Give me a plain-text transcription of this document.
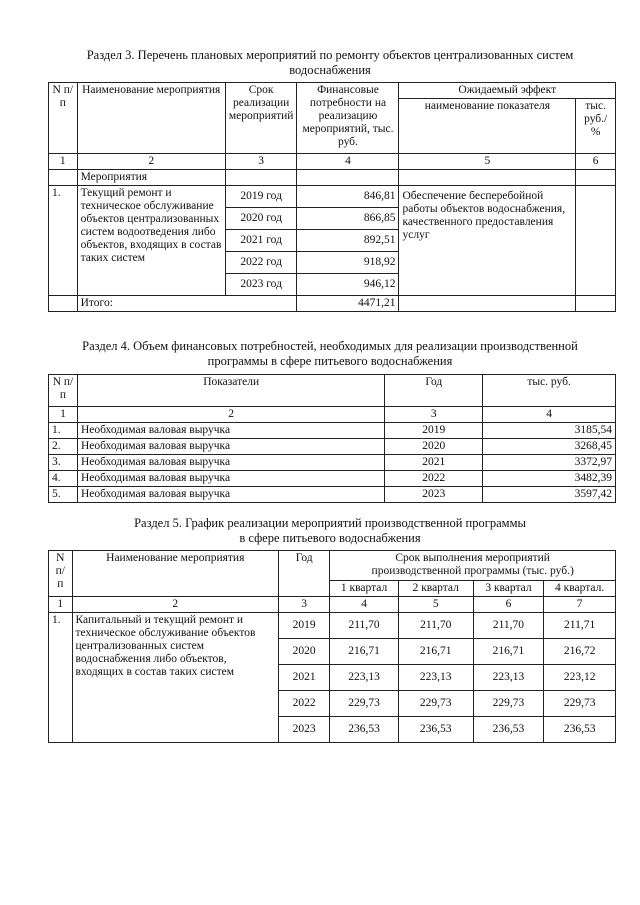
Раздел 3. Перечень плановых мероприятий по ремонту объектов централизованных систем
водоснабжения
N п/п	Наименование мероприятия	Срок реализации мероприятий	Финансовые потребности на реализацию мероприятий, тыс. руб.	Ожидаемый эффект	
				наименование показателя	тыс. руб./ %
1	2	3	4	5	6
	Мероприятия				
1.	Текущий ремонт и техническое обслуживание объектов централизованных систем водоотведения либо объектов, входящих в состав таких систем	2019 год	846,81	Обеспечение бесперебойной работы объектов водоснабжения, качественного предоставления услуг	
		2020 год	866,85		
		2021 год	892,51		
		2022 год	918,92		
		2023 год	946,12		
	Итого:		4471,21		
Раздел 4. Объем финансовых потребностей, необходимых для реализации производственной
программы в сфере питьевого водоснабжения
N п/п	Показатели	Год	тыс. руб.
1	2	3	4
1.	Необходимая валовая выручка	2019	3185,54
2.	Необходимая валовая выручка	2020	3268,45
3.	Необходимая валовая выручка	2021	3372,97
4.	Необходимая валовая выручка	2022	3482,39
5.	Необходимая валовая выручка	2023	3597,42
Раздел 5. График реализации мероприятий производственной программы
в сфере питьевого водоснабжения
N п/ п	Наименование мероприятия	Год	Срок выполнения мероприятий производственной программы (тыс. руб.)			
			1 квартал	2 квартал	3 квартал	4 квартал.

1	2	3	4	5	6	7
1.	Капитальный и текущий ремонт и техническое обслуживание объектов централизованных систем водоснабжения либо объектов, входящих в состав таких систем	2019	211,70	211,70	211,70	211,71
		2020	216,71	216,71	216,71	216,72
		2021	223,13	223,13	223,13	223,12
		2022	229,73	229,73	229,73	229,73
		2023	236,53	236,53	236,53	236,53
